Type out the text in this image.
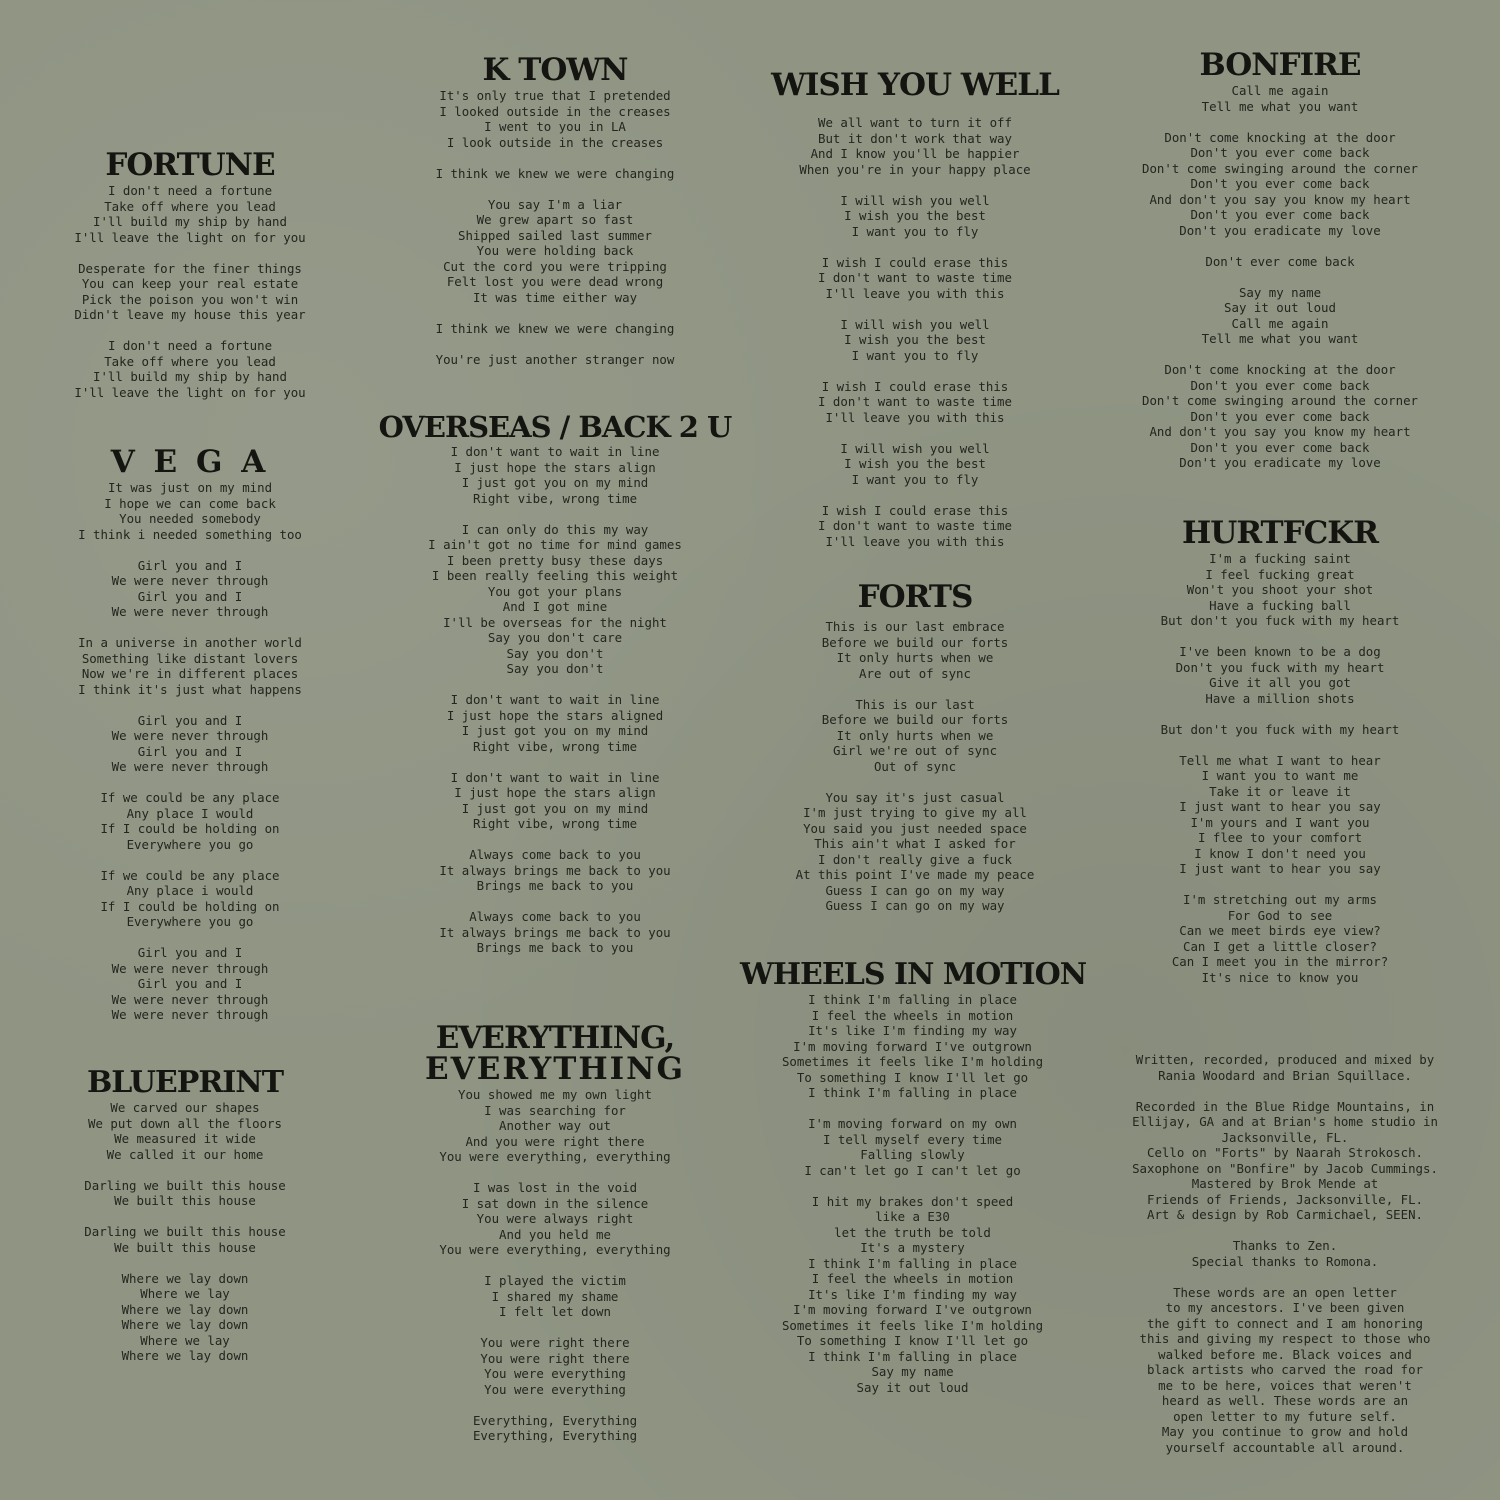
FORTUNE
I don't need a fortune
Take off where you lead
I'll build my ship by hand
I'll leave the light on for you

Desperate for the finer things
You can keep your real estate
Pick the poison you won't win
Didn't leave my house this year

I don't need a fortune
Take off where you lead
I'll build my ship by hand
I'll leave the light on for you
V E G A
It was just on my mind
I hope we can come back
You needed somebody
I think i needed something too

Girl you and I
We were never through
Girl you and I
We were never through

In a universe in another world
Something like distant lovers
Now we're in different places
I think it's just what happens

Girl you and I
We were never through
Girl you and I
We were never through

If we could be any place
Any place I would
If I could be holding on
Everywhere you go

If we could be any place
Any place i would
If I could be holding on
Everywhere you go

Girl you and I
We were never through
Girl you and I
We were never through
We were never through
BLUEPRINT
We carved our shapes
We put down all the floors
We measured it wide
We called it our home

Darling we built this house
We built this house

Darling we built this house
We built this house

Where we lay down
Where we lay
Where we lay down
Where we lay down
Where we lay
Where we lay down
K TOWN
It's only true that I pretended
I looked outside in the creases
I went to you in LA
I look outside in the creases

I think we knew we were changing

You say I'm a liar
We grew apart so fast
Shipped sailed last summer
You were holding back
Cut the cord you were tripping
Felt lost you were dead wrong
It was time either way

I think we knew we were changing

You're just another stranger now
OVERSEAS / BACK 2 U
I don't want to wait in line
I just hope the stars align
I just got you on my mind
Right vibe, wrong time

I can only do this my way
I ain't got no time for mind games
I been pretty busy these days
I been really feeling this weight
You got your plans
And I got mine
I'll be overseas for the night
Say you don't care
Say you don't
Say you don't

I don't want to wait in line
I just hope the stars aligned
I just got you on my mind
Right vibe, wrong time

I don't want to wait in line
I just hope the stars align
I just got you on my mind
Right vibe, wrong time

Always come back to you
It always brings me back to you
Brings me back to you

Always come back to you
It always brings me back to you
Brings me back to you
EVERYTHING,
EVERYTHING
You showed me my own light
I was searching for
Another way out
And you were right there
You were everything, everything

I was lost in the void
I sat down in the silence
You were always right
And you held me
You were everything, everything

I played the victim
I shared my shame
I felt let down

You were right there
You were right there
You were everything
You were everything

Everything, Everything
Everything, Everything
WISH YOU WELL
We all want to turn it off
But it don't work that way
And I know you'll be happier
When you're in your happy place

I will wish you well
I wish you the best
I want you to fly

I wish I could erase this
I don't want to waste time
I'll leave you with this

I will wish you well
I wish you the best
I want you to fly

I wish I could erase this
I don't want to waste time
I'll leave you with this

I will wish you well
I wish you the best
I want you to fly

I wish I could erase this
I don't want to waste time
I'll leave you with this
FORTS
This is our last embrace
Before we build our forts
It only hurts when we
Are out of sync

This is our last
Before we build our forts
It only hurts when we
Girl we're out of sync
Out of sync

You say it's just casual
I'm just trying to give my all
You said you just needed space
This ain't what I asked for
I don't really give a fuck
At this point I've made my peace
Guess I can go on my way
Guess I can go on my way
WHEELS IN MOTION
I think I'm falling in place
I feel the wheels in motion
It's like I'm finding my way
I'm moving forward I've outgrown
Sometimes it feels like I'm holding
To something I know I'll let go
I think I'm falling in place

I'm moving forward on my own
I tell myself every time
Falling slowly
I can't let go I can't let go

I hit my brakes don't speed
like a E30
let the truth be told
It's a mystery
I think I'm falling in place
I feel the wheels in motion
It's like I'm finding my way
I'm moving forward I've outgrown
Sometimes it feels like I'm holding
To something I know I'll let go
I think I'm falling in place
Say my name
Say it out loud
BONFIRE
Call me again
Tell me what you want

Don't come knocking at the door
Don't you ever come back
Don't come swinging around the corner
Don't you ever come back
And don't you say you know my heart
Don't you ever come back
Don't you eradicate my love

Don't ever come back

Say my name
Say it out loud
Call me again
Tell me what you want

Don't come knocking at the door
Don't you ever come back
Don't come swinging around the corner
Don't you ever come back
And don't you say you know my heart
Don't you ever come back
Don't you eradicate my love
HURTFCKR
I'm a fucking saint
I feel fucking great
Won't you shoot your shot
Have a fucking ball
But don't you fuck with my heart

I've been known to be a dog
Don't you fuck with my heart
Give it all you got
Have a million shots

But don't you fuck with my heart

Tell me what I want to hear
I want you to want me
Take it or leave it
I just want to hear you say
I'm yours and I want you
I flee to your comfort
I know I don't need you
I just want to hear you say

I'm stretching out my arms
For God to see
Can we meet birds eye view?
Can I get a little closer?
Can I meet you in the mirror?
It's nice to know you
Written, recorded, produced and mixed by
Rania Woodard and Brian Squillace.

Recorded in the Blue Ridge Mountains, in
Ellijay, GA and at Brian's home studio in
Jacksonville, FL.
Cello on "Forts" by Naarah Strokosch.
Saxophone on "Bonfire" by Jacob Cummings.
Mastered by Brok Mende at
Friends of Friends, Jacksonville, FL.
Art & design by Rob Carmichael, SEEN.

Thanks to Zen.
Special thanks to Romona.

These words are an open letter
to my ancestors. I've been given
the gift to connect and I am honoring
this and giving my respect to those who
walked before me. Black voices and
black artists who carved the road for
me to be here, voices that weren't
heard as well. These words are an
open letter to my future self.
May you continue to grow and hold
yourself accountable all around.
